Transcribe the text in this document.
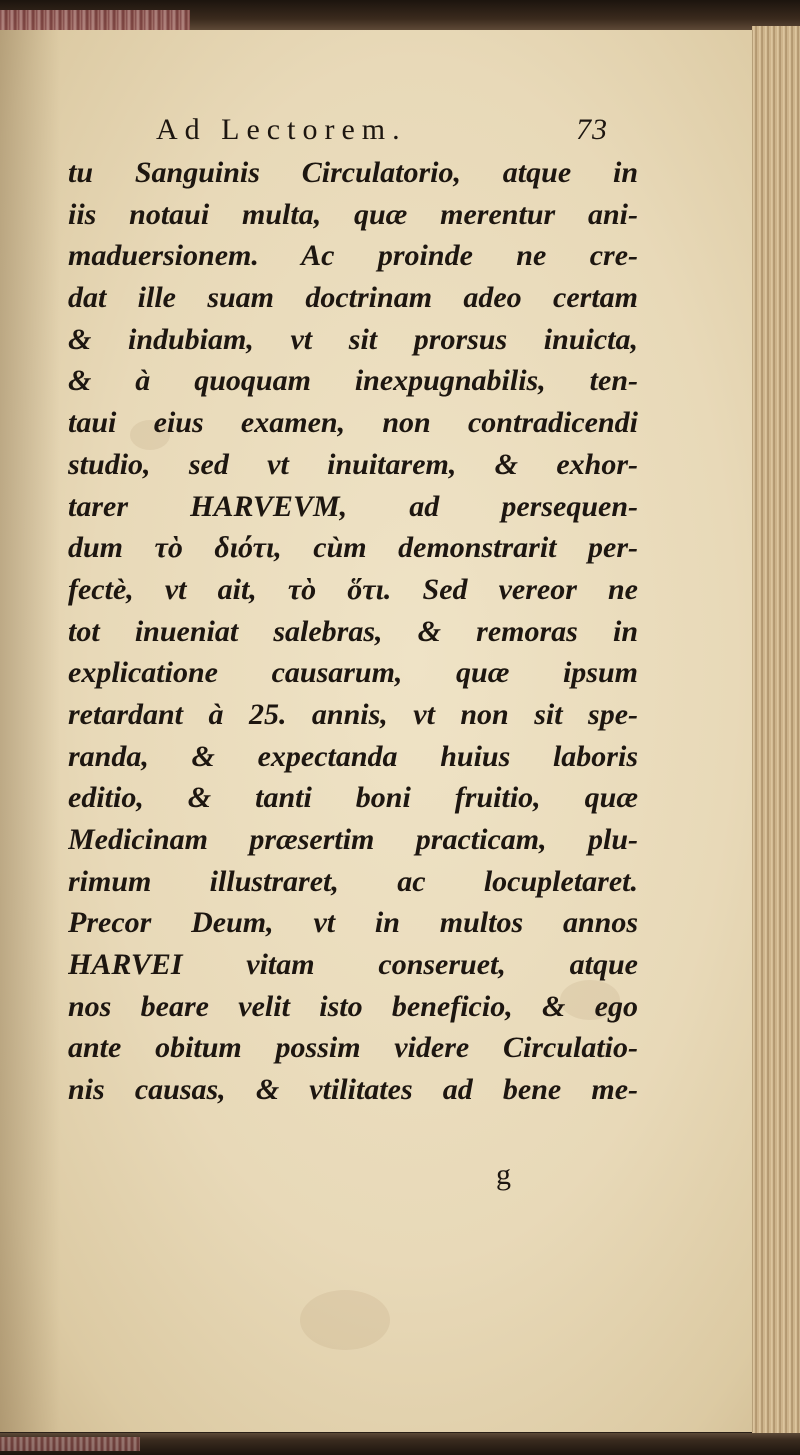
Ad Lectorem.	73
tu Sanguinis Circulatorio, atque in
iis notaui multa, quæ merentur ani-
maduersionem. Ac proinde ne cre-
dat ille suam doctrinam adeo certam
& indubiam, vt sit prorsus inuicta,
& à quoquam inexpugnabilis, ten-
taui eius examen, non contradicendi
studio, sed vt inuitarem, & exhor-
tarer HARVEVM, ad persequen-
dum τὸ διότι, cùm demonstrarit per-
fectè, vt ait, τὸ ὅτι. Sed vereor ne
tot inueniat salebras, & remoras in
explicatione causarum, quæ ipsum
retardant à 25. annis, vt non sit spe-
randa, & expectanda huius laboris
editio, & tanti boni fruitio, quæ
Medicinam præsertim practicam, plu-
rimum illustraret, ac locupletaret.
Precor Deum, vt in multos annos
HARVEI vitam conseruet, atque
nos beare velit isto beneficio, & ego
ante obitum possim videre Circulatio-
nis causas, & vtilitates ad bene me-
g
